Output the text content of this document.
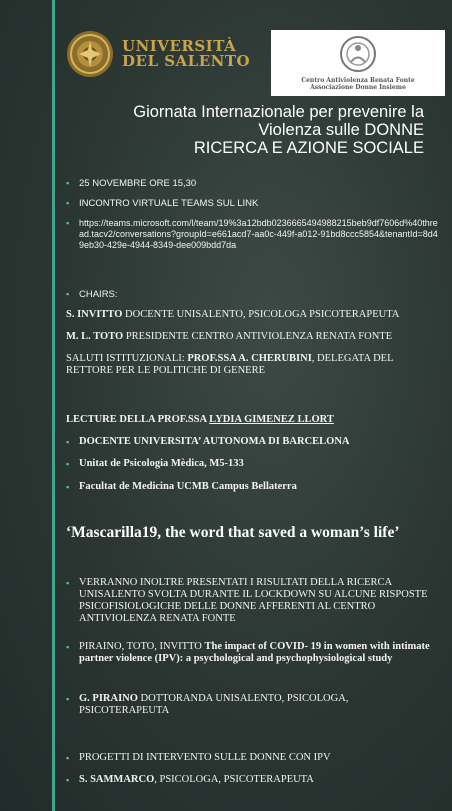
UNIVERSITÀ
DEL SALENTO
Centro Antiviolenza Renata Fonte
Associazione Donne Insieme
Giornata Internazionale per prevenire la
Violenza sulle DONNE
RICERCA E AZIONE SOCIALE
▪ 25 NOVEMBRE ORE 15,30
▪ INCONTRO VIRTUALE TEAMS SUL LINK
▪ https://teams.microsoft.com/l/team/19%3a12bdb0236665494988215beb9df7606d%40thread.tacv2/conversations?groupId=e661acd7-aa0c-449f-a012-91bd8ccc5854&tenantId=8d49eb30-429e-4944-8349-dee009bdd7da
▪ CHAIRS:
S. INVITTO DOCENTE UNISALENTO, PSICOLOGA PSICOTERAPEUTA
M. L. TOTO PRESIDENTE CENTRO ANTIVIOLENZA RENATA FONTE
SALUTI ISTITUZIONALI: PROF.SSA A. CHERUBINI, DELEGATA DEL RETTORE PER LE POLITICHE DI GENERE
LECTURE DELLA PROF.SSA LYDIA GIMENEZ LLORT
▪ DOCENTE UNIVERSITA’ AUTONOMA DI BARCELONA
▪ Unitat de Psicologia Mèdica, M5-133
▪ Facultat de Medicina UCMB Campus Bellaterra
‘Mascarilla19, the word that saved a woman’s life’
▪ VERRANNO INOLTRE PRESENTATI I RISULTATI DELLA RICERCA UNISALENTO SVOLTA DURANTE IL LOCKDOWN SU ALCUNE RISPOSTE PSICOFISIOLOGICHE DELLE DONNE AFFERENTI AL CENTRO ANTIVIOLENZA RENATA FONTE
▪ PIRAINO, TOTO, INVITTO The impact of COVID- 19 in women with intimate partner violence (IPV): a psychological and psychophysiological study
▪ G. PIRAINO DOTTORANDA UNISALENTO, PSICOLOGA, PSICOTERAPEUTA
▪ PROGETTI DI INTERVENTO SULLE DONNE CON IPV
▪ S. SAMMARCO, PSICOLOGA, PSICOTERAPEUTA
